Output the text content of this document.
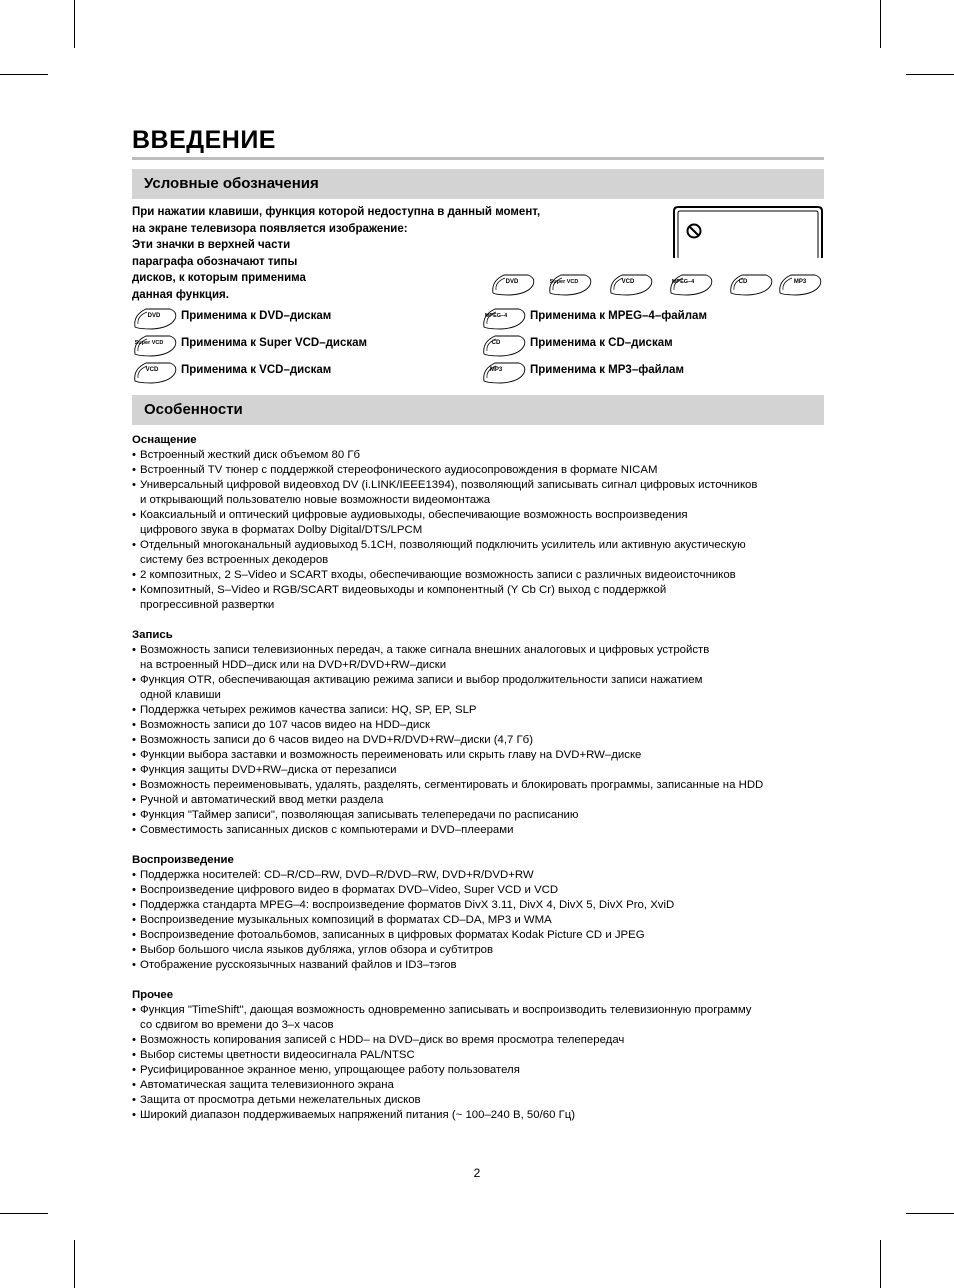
ВВЕДЕНИЕ
Условные обозначения
При нажатии клавиши, функция которой недоступна в данный момент,
на экране телевизора появляется изображение:
Эти значки в верхней части
параграфа обозначают типы
дисков, к которым применима
данная функция.
DVD	Super VCD	VCD	MPEG–4	CD	MP3
DVD Применима к DVD–дискам
Super VCD Применима к Super VCD–дискам
VCD Применима к VCD–дискам
MPEG–4 Применима к MPEG–4–файлам
CD	Применима к CD–дискам
MP3 Применима к MP3–файлам
Особенности
Оснащение
• Встроенный жесткий диск объемом 80 Гб
• Встроенный TV тюнер с поддержкой стереофонического аудиосопровождения в формате NICAM
• Универсальный цифровой видеовход DV (i.LINK/IEEE1394), позволяющий записывать сигнал цифровых источников
и открывающий пользователю новые возможности видеомонтажа
• Коаксиальный и оптический цифровые аудиовыходы, обеспечивающие возможность воспроизведения
цифрового звука в форматах Dolby Digital/DTS/LPCM
• Отдельный многоканальный аудиовыход 5.1CH, позволяющий подключить усилитель или активную акустическую
систему без встроенных декодеров
• 2 композитных, 2 S–Video и SCART входы, обеспечивающие возможность записи с различных видеоисточников
• Композитный, S–Video и RGB/SCART видеовыходы и компонентный (Y Cb Cr) выход с поддержкой
прогрессивной развертки
Запись
• Возможность записи телевизионных передач, а также сигнала внешних аналоговых и цифровых устройств
на встроенный HDD–диск или на DVD+R/DVD+RW–диски
• Функция OTR, обеспечивающая активацию режима записи и выбор продолжительности записи нажатием
одной клавиши
• Поддержка четырех режимов качества записи: HQ, SP, EP, SLP
• Возможность записи до 107 часов видео на HDD–диск
• Возможность записи до 6 часов видео на DVD+R/DVD+RW–диски (4,7 Гб)
• Функции выбора заставки и возможность переименовать или скрыть главу на DVD+RW–диске
• Функция защиты DVD+RW–диска от перезаписи
• Возможность переименовывать, удалять, разделять, сегментировать и блокировать программы, записанные на HDD
• Ручной и автоматический ввод метки раздела
• Функция "Таймер записи", позволяющая записывать телепередачи по расписанию
• Совместимость записанных дисков с компьютерами и DVD–плеерами
Воспроизведение
• Поддержка носителей: CD–R/CD–RW, DVD–R/DVD–RW, DVD+R/DVD+RW
• Воспроизведение цифрового видео в форматах DVD–Video, Super VCD и VCD
• Поддержка стандарта MPEG–4: воспроизведение форматов DivX 3.11, DivX 4, DivX 5, DivX Pro, XviD
• Воспроизведение музыкальных композиций в форматах CD–DA, MP3 и WMA
• Воспроизведение фотоальбомов, записанных в цифровых форматах Kodak Picture CD и JPEG
• Выбор большого числа языков дубляжа, углов обзора и субтитров
• Отображение русскоязычных названий файлов и ID3–тэгов
Прочее
• Функция "TimeShift", дающая возможность одновременно записывать и воспроизводить телевизионную программу
со сдвигом во времени до 3–х часов
• Возможность копирования записей с HDD– на DVD–диск во время просмотра телепередач
• Выбор системы цветности видеосигнала PAL/NTSC
• Русифицированное экранное меню, упрощающее работу пользователя
• Автоматическая защита телевизионного экрана
• Защита от просмотра детьми нежелательных дисков
• Широкий диапазон поддерживаемых напряжений питания (~ 100–240 В, 50/60 Гц)
2
